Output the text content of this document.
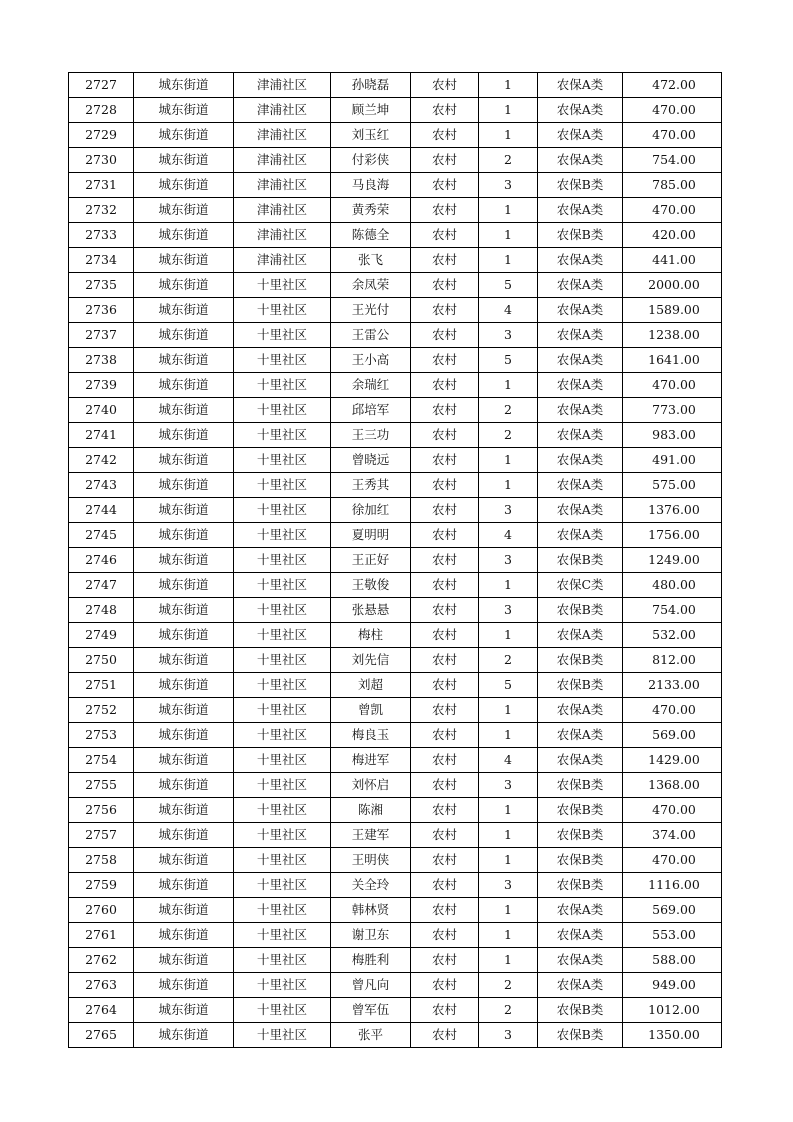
2727	城东街道	津浦社区	孙晓磊	农村	1	农保A类	472.00
2728	城东街道	津浦社区	顾兰坤	农村	1	农保A类	470.00
2729	城东街道	津浦社区	刘玉红	农村	1	农保A类	470.00
2730	城东街道	津浦社区	付彩侠	农村	2	农保A类	754.00
2731	城东街道	津浦社区	马良海	农村	3	农保B类	785.00
2732	城东街道	津浦社区	黄秀荣	农村	1	农保A类	470.00
2733	城东街道	津浦社区	陈德全	农村	1	农保B类	420.00
2734	城东街道	津浦社区	张飞	农村	1	农保A类	441.00
2735	城东街道	十里社区	余凤荣	农村	5	农保A类	2000.00
2736	城东街道	十里社区	王光付	农村	4	农保A类	1589.00
2737	城东街道	十里社区	王雷公	农村	3	农保A类	1238.00
2738	城东街道	十里社区	王小高	农村	5	农保A类	1641.00
2739	城东街道	十里社区	余瑞红	农村	1	农保A类	470.00
2740	城东街道	十里社区	邱培军	农村	2	农保A类	773.00
2741	城东街道	十里社区	王三功	农村	2	农保A类	983.00
2742	城东街道	十里社区	曾晓远	农村	1	农保A类	491.00
2743	城东街道	十里社区	王秀其	农村	1	农保A类	575.00
2744	城东街道	十里社区	徐加红	农村	3	农保A类	1376.00
2745	城东街道	十里社区	夏明明	农村	4	农保A类	1756.00
2746	城东街道	十里社区	王正好	农村	3	农保B类	1249.00
2747	城东街道	十里社区	王敬俊	农村	1	农保C类	480.00
2748	城东街道	十里社区	张悬悬	农村	3	农保B类	754.00
2749	城东街道	十里社区	梅柱	农村	1	农保A类	532.00
2750	城东街道	十里社区	刘先信	农村	2	农保B类	812.00
2751	城东街道	十里社区	刘超	农村	5	农保B类	2133.00
2752	城东街道	十里社区	曾凯	农村	1	农保A类	470.00
2753	城东街道	十里社区	梅良玉	农村	1	农保A类	569.00
2754	城东街道	十里社区	梅进军	农村	4	农保A类	1429.00
2755	城东街道	十里社区	刘怀启	农村	3	农保B类	1368.00
2756	城东街道	十里社区	陈湘	农村	1	农保B类	470.00
2757	城东街道	十里社区	王建军	农村	1	农保B类	374.00
2758	城东街道	十里社区	王明侠	农村	1	农保B类	470.00
2759	城东街道	十里社区	关全玲	农村	3	农保B类	1116.00
2760	城东街道	十里社区	韩林贤	农村	1	农保A类	569.00
2761	城东街道	十里社区	谢卫东	农村	1	农保A类	553.00
2762	城东街道	十里社区	梅胜利	农村	1	农保A类	588.00
2763	城东街道	十里社区	曾凡向	农村	2	农保A类	949.00
2764	城东街道	十里社区	曾军伍	农村	2	农保B类	1012.00
2765	城东街道	十里社区	张平	农村	3	农保B类	1350.00
